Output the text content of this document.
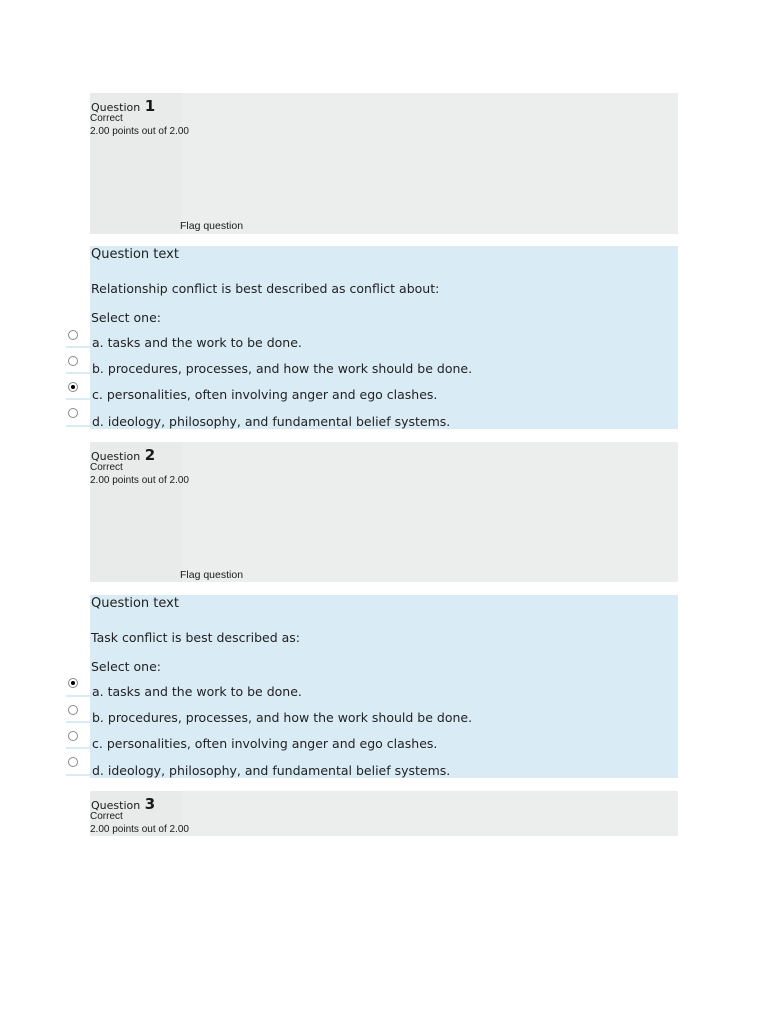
Question 1
Correct
2.00 points out of 2.00
Flag question
Question text
Relationship conflict is best described as conflict about:
Select one:
a. tasks and the work to be done.
b. procedures, processes, and how the work should be done.
c. personalities, often involving anger and ego clashes.
d. ideology, philosophy, and fundamental belief systems.
Question 2
Correct
2.00 points out of 2.00
Flag question
Question text
Task conflict is best described as:
Select one:
a. tasks and the work to be done.
b. procedures, processes, and how the work should be done.
c. personalities, often involving anger and ego clashes.
d. ideology, philosophy, and fundamental belief systems.
Question 3
Correct
2.00 points out of 2.00
